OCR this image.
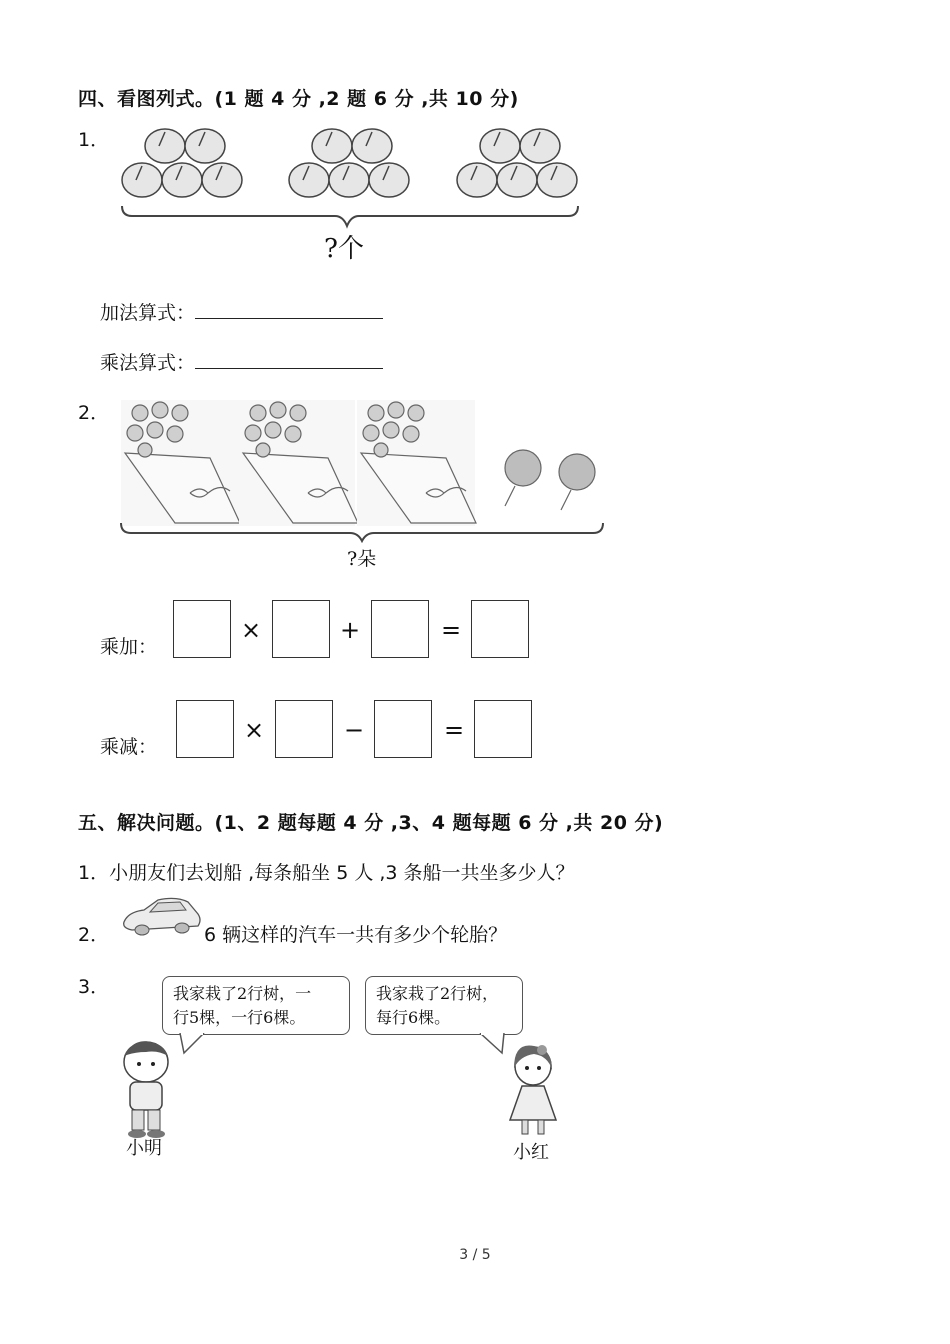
四、看图列式。(1 题 4 分 ,2 题 6 分 ,共 10 分)
1．
?个
加法算式：
乘法算式：
2．
?朵
乘加：
×	+	=
乘减：
×	−	=
五、解决问题。(1、2 题每题 4 分 ,3、4 题每题 6 分 ,共 20 分)
1．小朋友们去划船 ,每条船坐 5 人 ,3 条船一共坐多少人？
2．	6 辆这样的汽车一共有多少个轮胎？
3．	我家栽了2行树，一
行5棵，一行6棵。
我家栽了2行树，
每行6棵。
小明	小红
3 / 5
